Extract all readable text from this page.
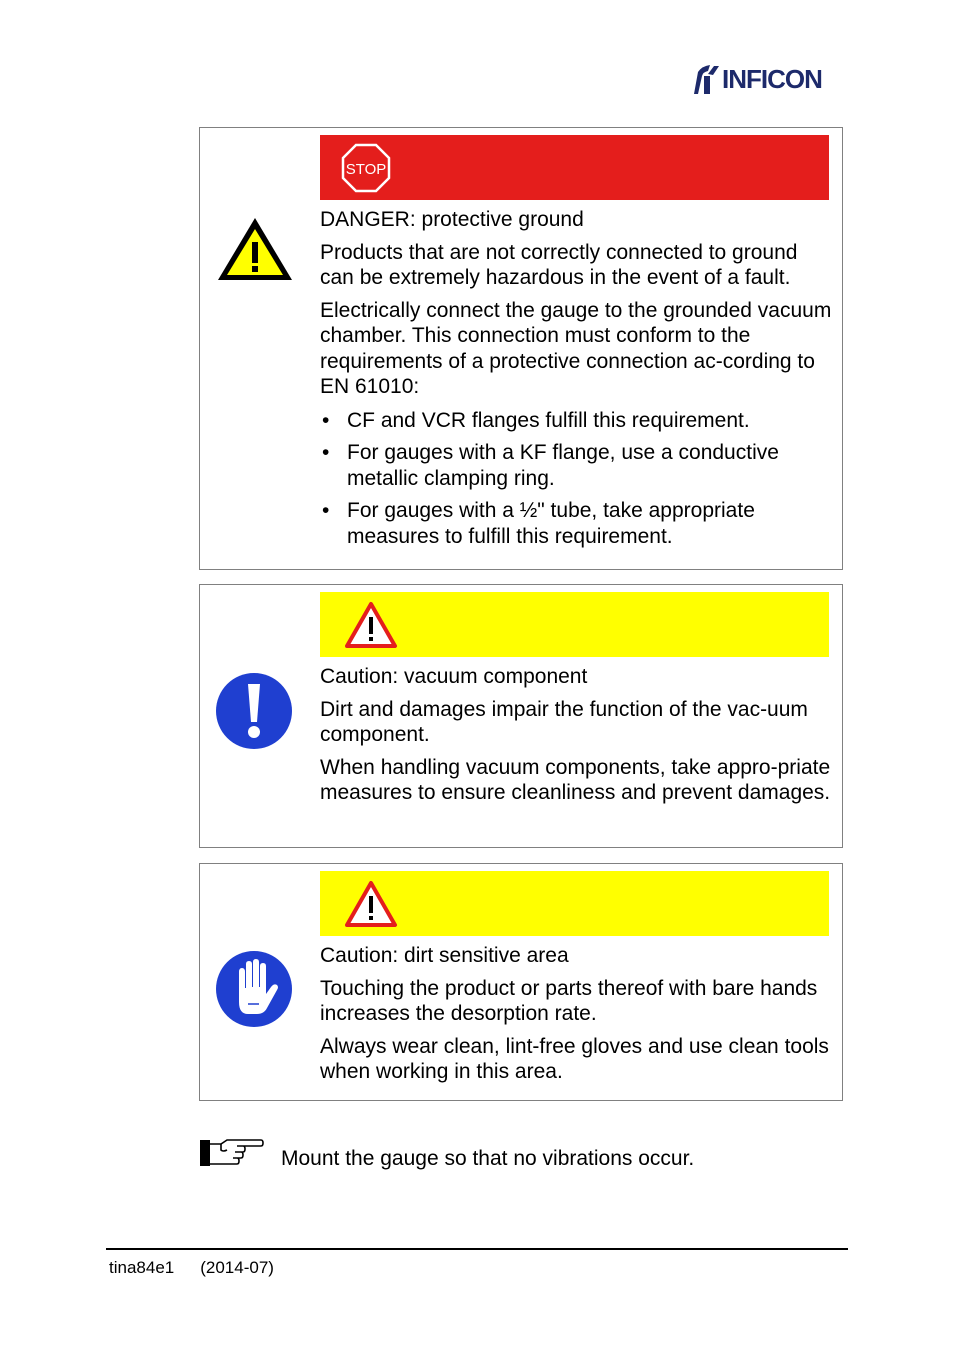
INFICON
STOP

DANGER: protective ground

Products that are not correctly connected to ground can be extremely hazardous in the event of a fault.

Electrically connect the gauge to the grounded vacuum chamber. This connection must conform to the requirements of a protective connection ac-cording to EN 61010:

• CF and VCR flanges fulfill this requirement.
• For gauges with a KF flange, use a conductive metallic clamping ring.
• For gauges with a ½" tube, take appropriate measures to fulfill this requirement.

Caution: vacuum component

Dirt and damages impair the function of the vac-uum component.

When handling vacuum components, take appro-priate measures to ensure cleanliness and prevent damages.

Caution: dirt sensitive area

Touching the product or parts thereof with bare hands increases the desorption rate.

Always wear clean, lint-free gloves and use clean tools when working in this area.

Mount the gauge so that no vibrations occur.
tina84e1 (2014-07)
